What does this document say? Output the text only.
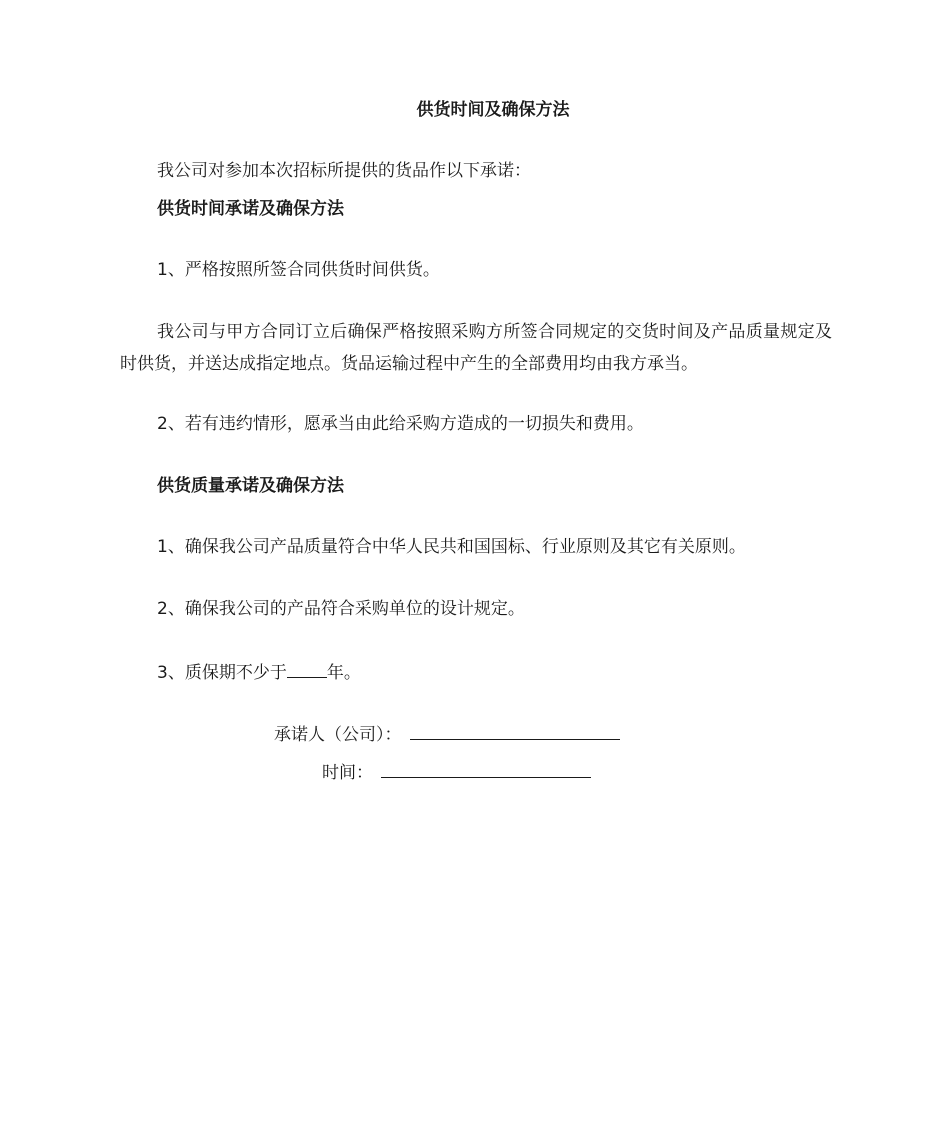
供货时间及确保方法
我公司对参加本次招标所提供的货品作以下承诺：
供货时间承诺及确保方法
1、严格按照所签合同供货时间供货。
我公司与甲方合同订立后确保严格按照采购方所签合同规定的交货时间及产品质量规定及时供货，并送达成指定地点。货品运输过程中产生的全部费用均由我方承当。
2、若有违约情形，愿承当由此给采购方造成的一切损失和费用。
供货质量承诺及确保方法
1、确保我公司产品质量符合中华人民共和国国标、行业原则及其它有关原则。
2、确保我公司的产品符合采购单位的设计规定。
3、质保期不少于 年。
承诺人（公司）：
时间：
